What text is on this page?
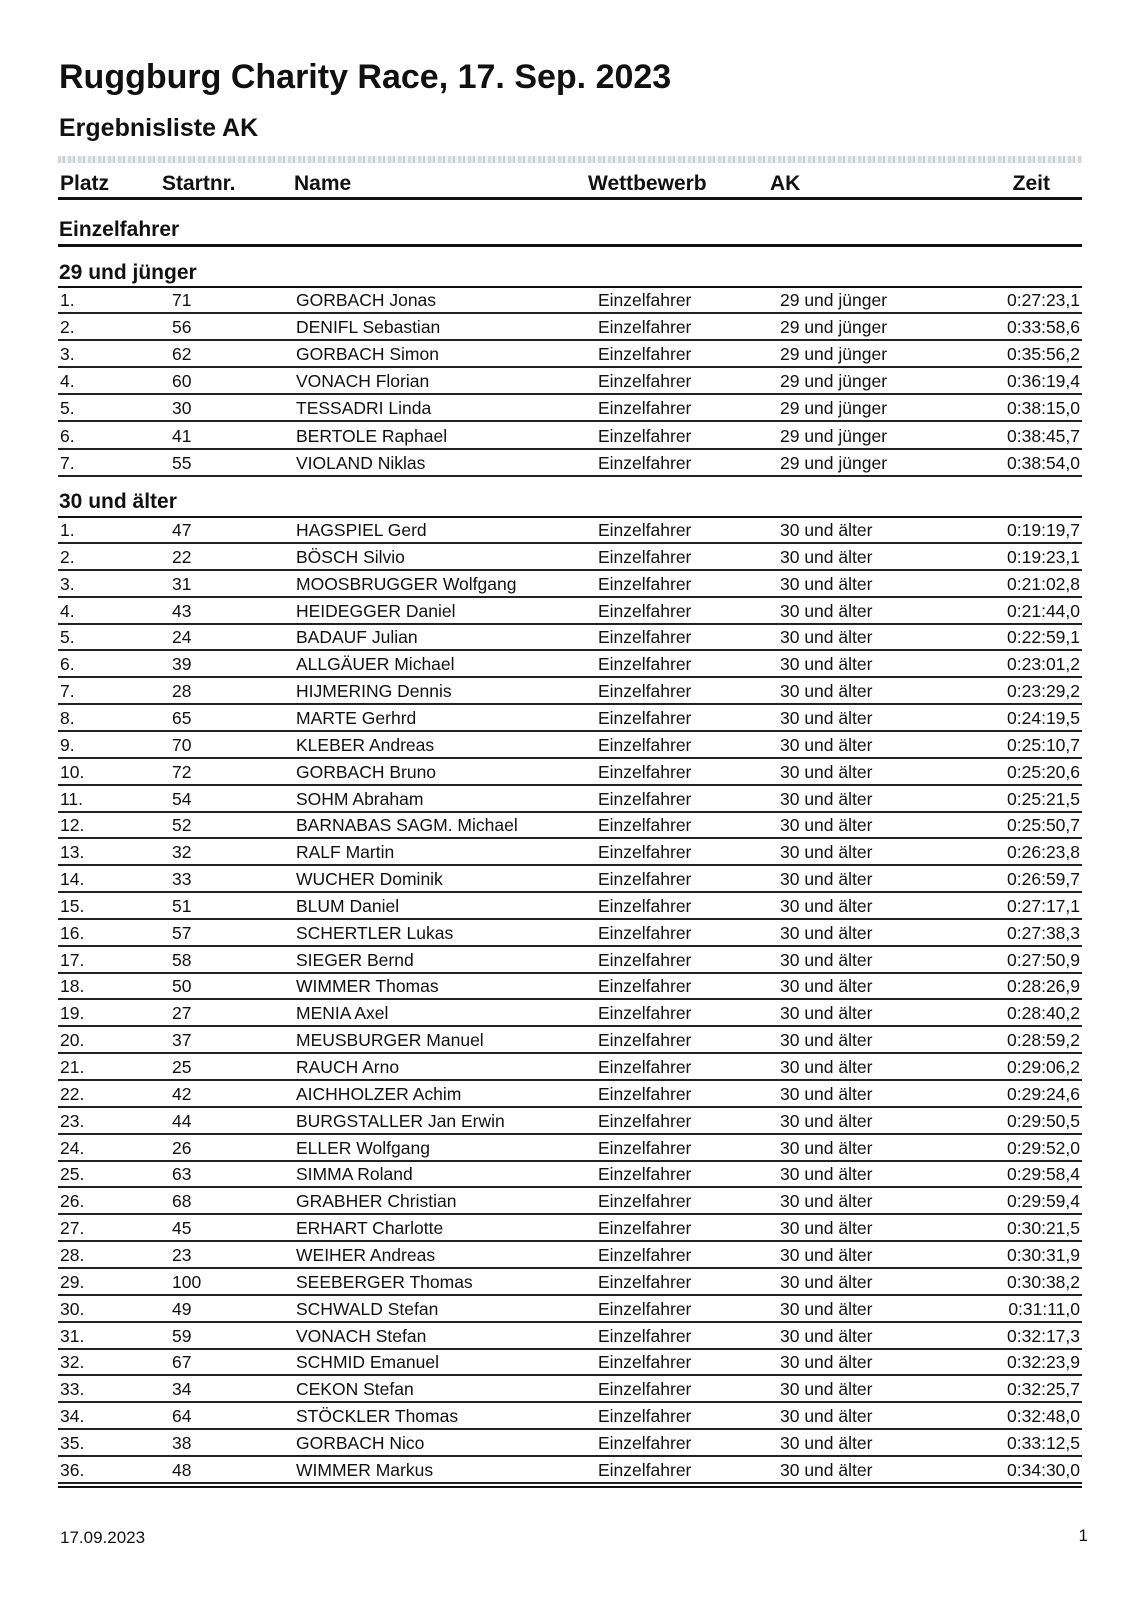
Ruggburg Charity Race, 17. Sep. 2023
Ergebnisliste AK
Platz	Startnr.	Name	Wettbewerb	AK	Zeit
Einzelfahrer
29 und jünger
1.	71	GORBACH Jonas	Einzelfahrer	29 und jünger	0:27:23,1
2.	56	DENIFL Sebastian	Einzelfahrer	29 und jünger	0:33:58,6
3.	62	GORBACH Simon	Einzelfahrer	29 und jünger	0:35:56,2
4.	60	VONACH Florian	Einzelfahrer	29 und jünger	0:36:19,4
5.	30	TESSADRI Linda	Einzelfahrer	29 und jünger	0:38:15,0
6.	41	BERTOLE Raphael	Einzelfahrer	29 und jünger	0:38:45,7
7.	55	VIOLAND Niklas	Einzelfahrer	29 und jünger	0:38:54,0
30 und älter
1.	47	HAGSPIEL Gerd	Einzelfahrer	30 und älter	0:19:19,7
2.	22	BÖSCH Silvio	Einzelfahrer	30 und älter	0:19:23,1
3.	31	MOOSBRUGGER Wolfgang	Einzelfahrer	30 und älter	0:21:02,8
4.	43	HEIDEGGER Daniel	Einzelfahrer	30 und älter	0:21:44,0
5.	24	BADAUF Julian	Einzelfahrer	30 und älter	0:22:59,1
6.	39	ALLGÄUER Michael	Einzelfahrer	30 und älter	0:23:01,2
7.	28	HIJMERING Dennis	Einzelfahrer	30 und älter	0:23:29,2
8.	65	MARTE Gerhrd	Einzelfahrer	30 und älter	0:24:19,5
9.	70	KLEBER Andreas	Einzelfahrer	30 und älter	0:25:10,7
10.	72	GORBACH Bruno	Einzelfahrer	30 und älter	0:25:20,6
11.	54	SOHM Abraham	Einzelfahrer	30 und älter	0:25:21,5
12.	52	BARNABAS SAGM. Michael	Einzelfahrer	30 und älter	0:25:50,7
13.	32	RALF Martin	Einzelfahrer	30 und älter	0:26:23,8
14.	33	WUCHER Dominik	Einzelfahrer	30 und älter	0:26:59,7
15.	51	BLUM Daniel	Einzelfahrer	30 und älter	0:27:17,1
16.	57	SCHERTLER Lukas	Einzelfahrer	30 und älter	0:27:38,3
17.	58	SIEGER Bernd	Einzelfahrer	30 und älter	0:27:50,9
18.	50	WIMMER Thomas	Einzelfahrer	30 und älter	0:28:26,9
19.	27	MENIA Axel	Einzelfahrer	30 und älter	0:28:40,2
20.	37	MEUSBURGER Manuel	Einzelfahrer	30 und älter	0:28:59,2
21.	25	RAUCH Arno	Einzelfahrer	30 und älter	0:29:06,2
22.	42	AICHHOLZER Achim	Einzelfahrer	30 und älter	0:29:24,6
23.	44	BURGSTALLER Jan Erwin	Einzelfahrer	30 und älter	0:29:50,5
24.	26	ELLER Wolfgang	Einzelfahrer	30 und älter	0:29:52,0
25.	63	SIMMA Roland	Einzelfahrer	30 und älter	0:29:58,4
26.	68	GRABHER Christian	Einzelfahrer	30 und älter	0:29:59,4
27.	45	ERHART Charlotte	Einzelfahrer	30 und älter	0:30:21,5
28.	23	WEIHER Andreas	Einzelfahrer	30 und älter	0:30:31,9
29.	100	SEEBERGER Thomas	Einzelfahrer	30 und älter	0:30:38,2
30.	49	SCHWALD Stefan	Einzelfahrer	30 und älter	0:31:11,0
31.	59	VONACH Stefan	Einzelfahrer	30 und älter	0:32:17,3
32.	67	SCHMID Emanuel	Einzelfahrer	30 und älter	0:32:23,9
33.	34	CEKON Stefan	Einzelfahrer	30 und älter	0:32:25,7
34.	64	STÖCKLER Thomas	Einzelfahrer	30 und älter	0:32:48,0
35.	38	GORBACH Nico	Einzelfahrer	30 und älter	0:33:12,5
36.	48	WIMMER Markus	Einzelfahrer	30 und älter	0:34:30,0
17.09.2023	1
